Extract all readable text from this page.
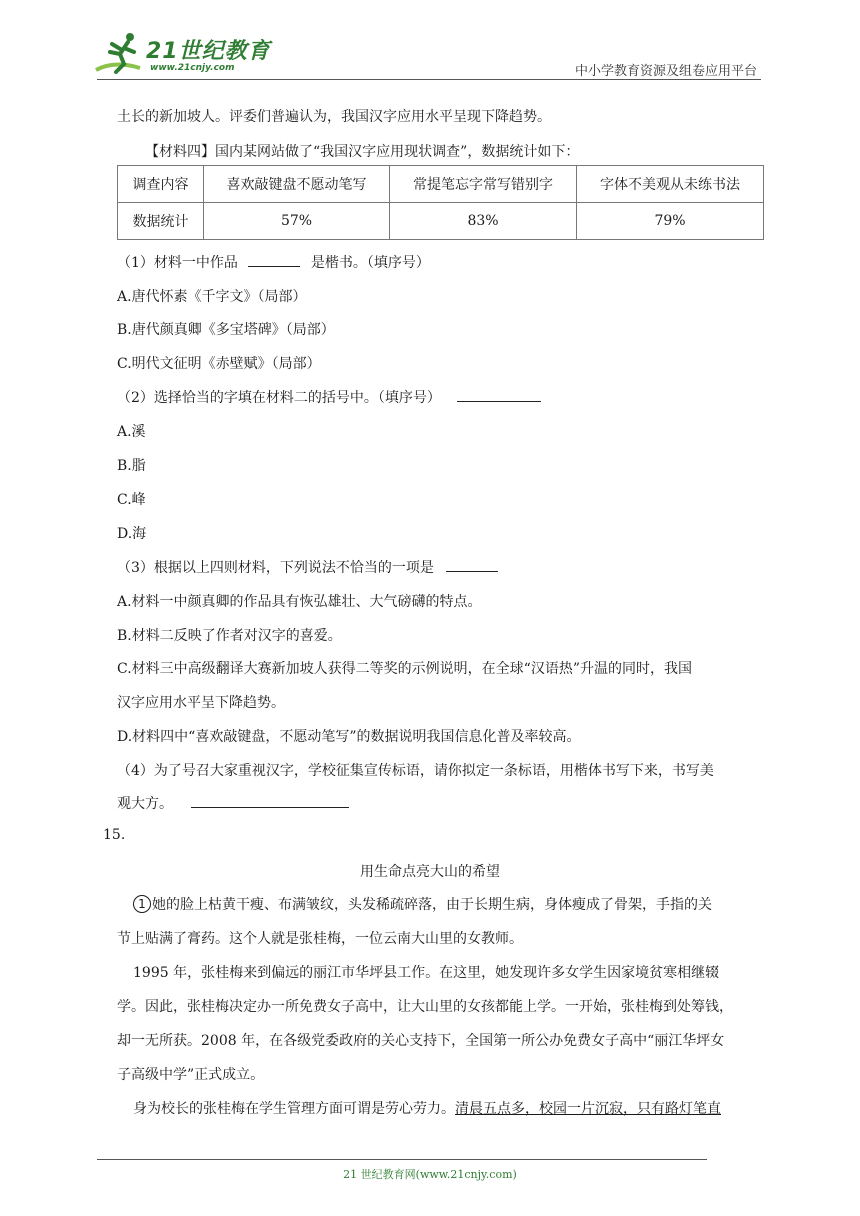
21世纪教育
www.21cnjy.com	中小学教育资源及组卷应用平台
土长的新加坡人。评委们普遍认为，我国汉字应用水平呈现下降趋势。
【材料四】国内某网站做了“我国汉字应用现状调查”，数据统计如下：
调查内容	喜欢敲键盘不愿动笔写	常提笔忘字常写错别字	字体不美观从未练书法
数据统计	57%	83%	79%
（1）材料一中作品	是楷书。（填序号）
A.唐代怀素《千字文》（局部）
B.唐代颜真卿《多宝塔碑》（局部）
C.明代文征明《赤壁赋》（局部）
（2）选择恰当的字填在材料二的括号中。（填序号）
A.溪
B.脂
C.峰
D.海
（3）根据以上四则材料，下列说法不恰当的一项是
A.材料一中颜真卿的作品具有恢弘雄壮、大气磅礴的特点。
B.材料二反映了作者对汉字的喜爱。
C.材料三中高级翻译大赛新加坡人获得二等奖的示例说明，在全球“汉语热”升温的同时，我国
汉字应用水平呈下降趋势。
D.材料四中“喜欢敲键盘，不愿动笔写”的数据说明我国信息化普及率较高。
（4）为了号召大家重视汉字，学校征集宣传标语，请你拟定一条标语，用楷体书写下来，书写美
观大方。
15.
用生命点亮大山的希望
1 她的脸上枯黄干瘦、布满皱纹，头发稀疏碎落，由于长期生病，身体瘦成了骨架，手指的关
节上贴满了膏药。这个人就是张桂梅，一位云南大山里的女教师。
1995 年，张桂梅来到偏远的丽江市华坪县工作。在这里，她发现许多女学生因家境贫寒相继辍
学。因此，张桂梅决定办一所免费女子高中，让大山里的女孩都能上学。一开始，张桂梅到处筹钱，
却一无所获。2008 年，在各级党委政府的关心支持下，全国第一所公办免费女子高中“丽江华坪女
子高级中学”正式成立。
身为校长的张桂梅在学生管理方面可谓是劳心劳力。清晨五点多，校园一片沉寂，只有路灯笔直
21 世纪教育网(www.21cnjy.com)
